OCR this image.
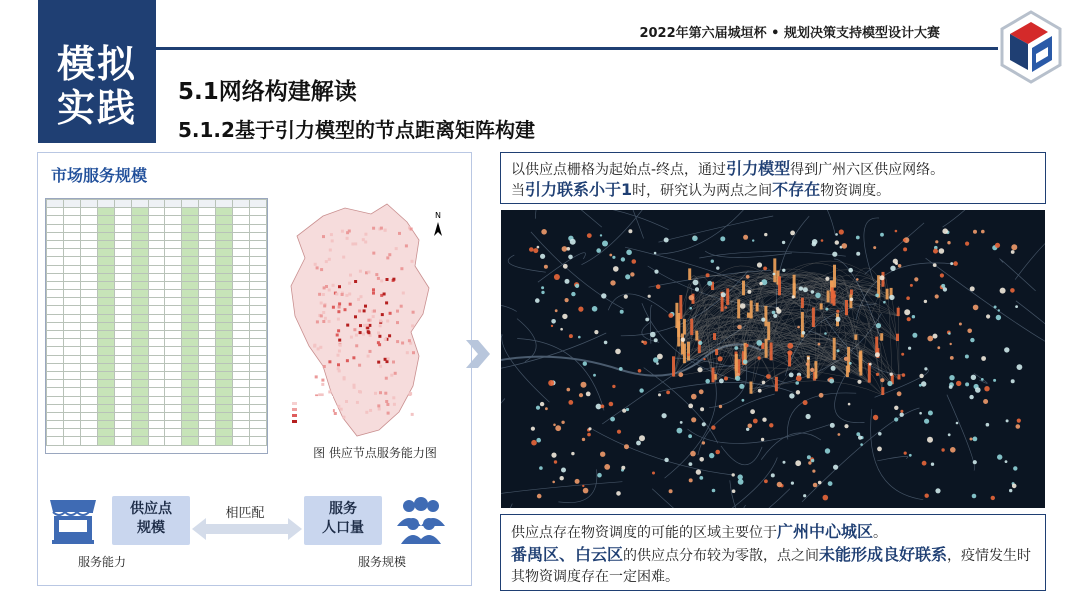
模拟
实践
2022年第六届城垣杯 • 规划决策支持模型设计大赛
5.1网络构建解读
5.1.2基于引力模型的节点距离矩阵构建
市场服务规模

N
图 供应节点服务能力图
供应点
规模
相匹配	服务
人口量
服务能力	服务规模
以供应点栅格为起始点-终点，通过引力模型得到广州六区供应网络。
当引力联系小于1时，研究认为两点之间不存在物资调度。
供应点存在物资调度的可能的区域主要位于广州中心城区。
番禺区、白云区的供应点分布较为零散，点之间未能形成良好联系，疫情发生时其物资调度存在一定困难。
